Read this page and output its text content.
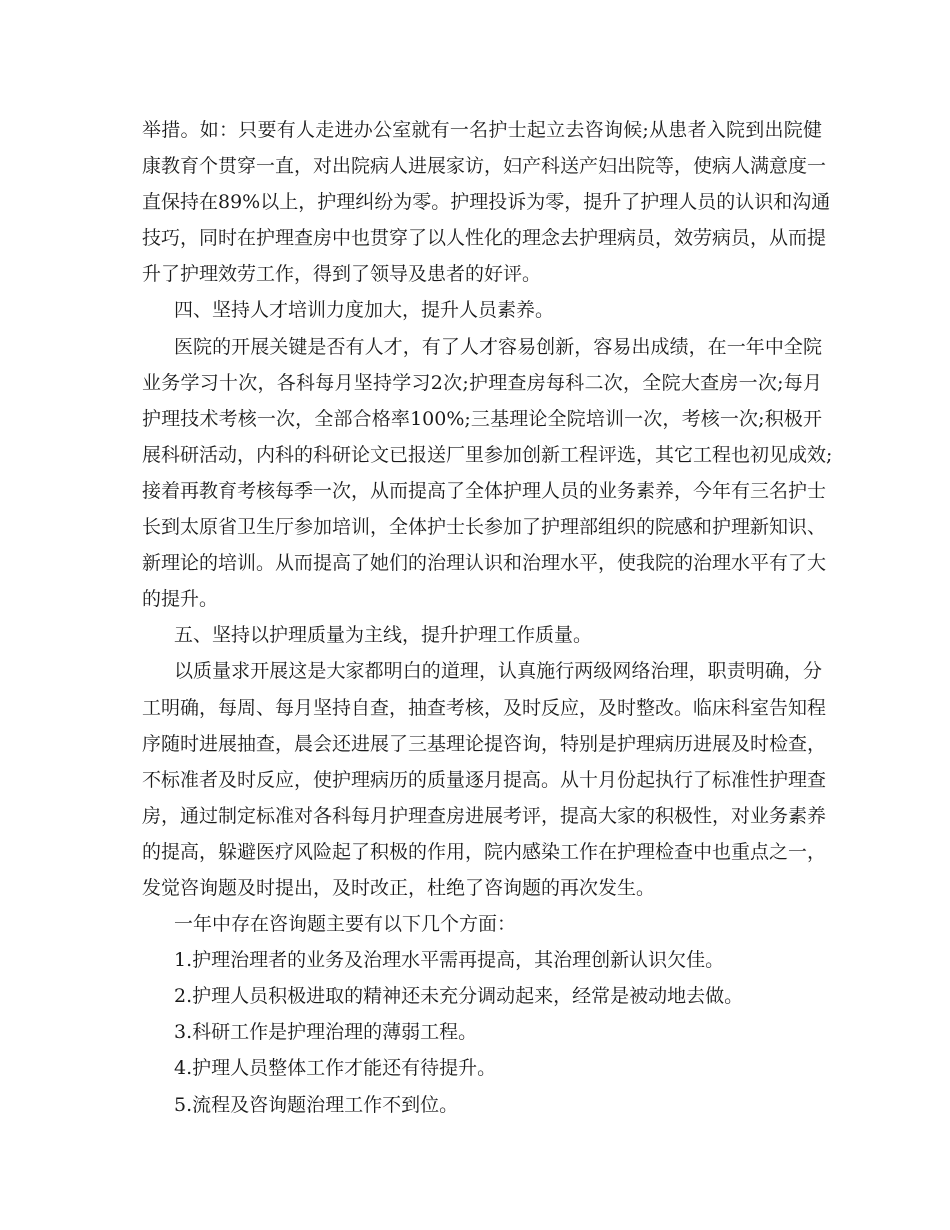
举措。如：只要有人走进办公室就有一名护士起立去咨询候;从患者入院到出院健
康教育个贯穿一直，对出院病人进展家访，妇产科送产妇出院等，使病人满意度一
直保持在89%以上，护理纠纷为零。护理投诉为零，提升了护理人员的认识和沟通
技巧，同时在护理查房中也贯穿了以人性化的理念去护理病员，效劳病员，从而提
升了护理效劳工作，得到了领导及患者的好评。

四、坚持人才培训力度加大，提升人员素养。

医院的开展关键是否有人才，有了人才容易创新，容易出成绩，在一年中全院
业务学习十次，各科每月坚持学习2次;护理查房每科二次，全院大查房一次;每月
护理技术考核一次，全部合格率100%;三基理论全院培训一次，考核一次;积极开
展科研活动，内科的科研论文已报送厂里参加创新工程评选，其它工程也初见成效;
接着再教育考核每季一次，从而提高了全体护理人员的业务素养，今年有三名护士
长到太原省卫生厅参加培训，全体护士长参加了护理部组织的院感和护理新知识、
新理论的培训。从而提高了她们的治理认识和治理水平，使我院的治理水平有了大
的提升。

五、坚持以护理质量为主线，提升护理工作质量。

以质量求开展这是大家都明白的道理，认真施行两级网络治理，职责明确，分
工明确，每周、每月坚持自查，抽查考核，及时反应，及时整改。临床科室告知程
序随时进展抽查，晨会还进展了三基理论提咨询，特别是护理病历进展及时检查，
不标准者及时反应，使护理病历的质量逐月提高。从十月份起执行了标准性护理查
房，通过制定标准对各科每月护理查房进展考评，提高大家的积极性，对业务素养
的提高，躲避医疗风险起了积极的作用，院内感染工作在护理检查中也重点之一，
发觉咨询题及时提出，及时改正，杜绝了咨询题的再次发生。

一年中存在咨询题主要有以下几个方面：

1.护理治理者的业务及治理水平需再提高，其治理创新认识欠佳。

2.护理人员积极进取的精神还未充分调动起来，经常是被动地去做。

3.科研工作是护理治理的薄弱工程。

4.护理人员整体工作才能还有待提升。

5.流程及咨询题治理工作不到位。
